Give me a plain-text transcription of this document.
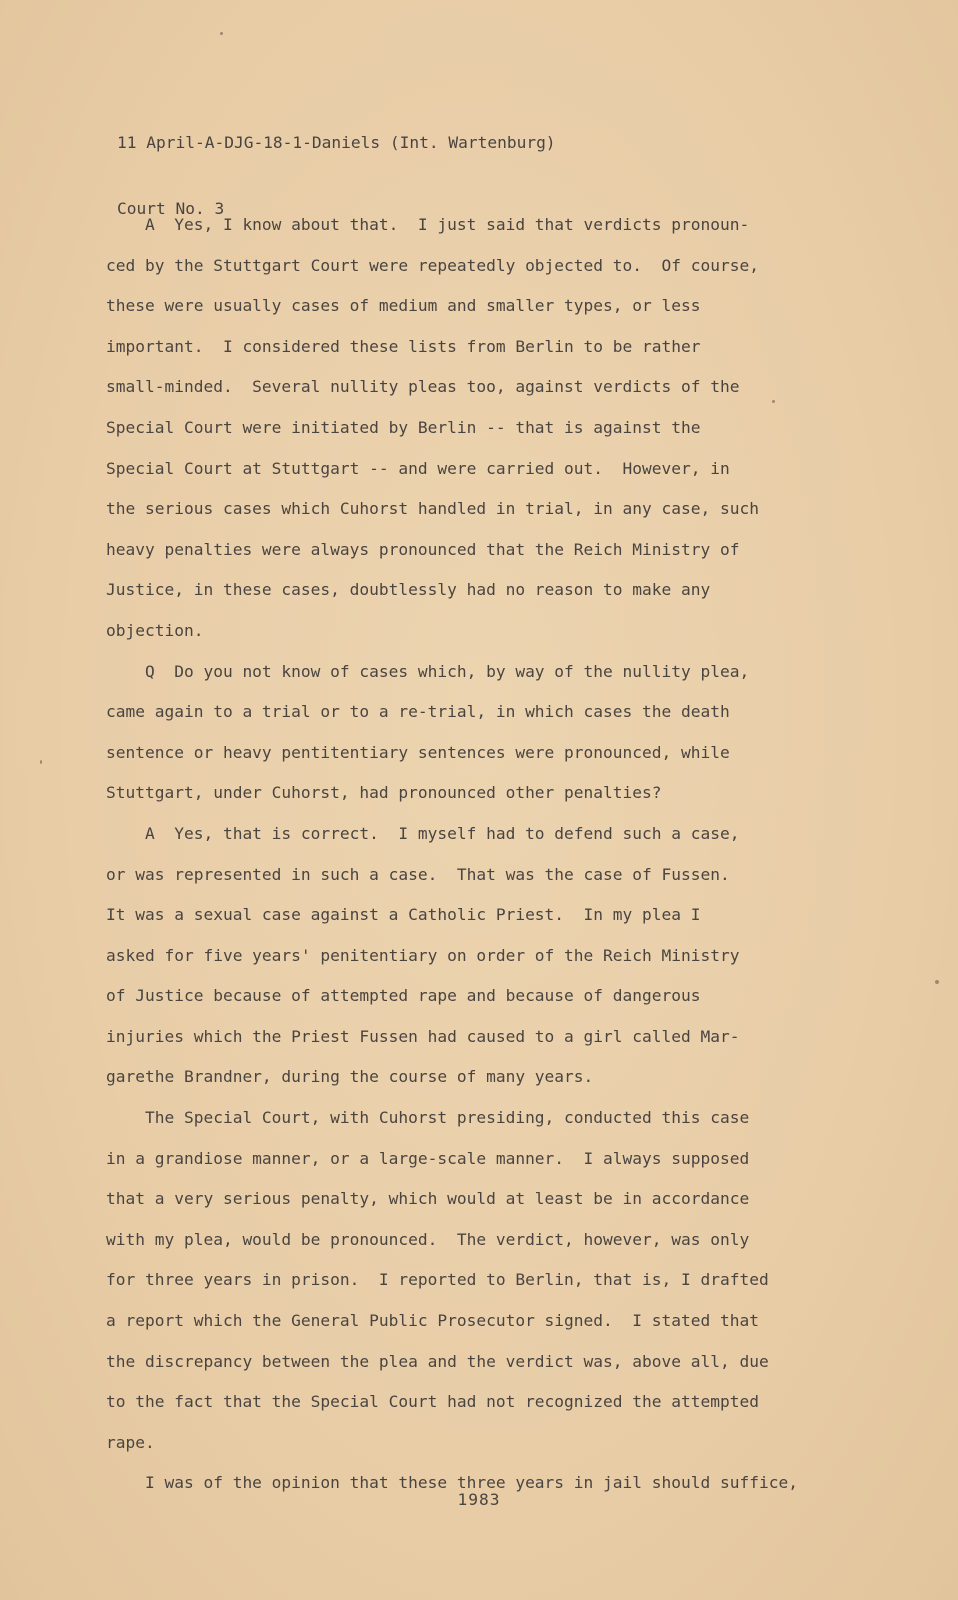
11 April-A-DJG-18-1-Daniels (Int. Wartenburg)

Court No. 3

A  Yes, I know about that.  I just said that verdicts pronoun-
ced by the Stuttgart Court were repeatedly objected to.  Of course,
these were usually cases of medium and smaller types, or less
important.  I considered these lists from Berlin to be rather
small-minded.  Several nullity pleas too, against verdicts of the
Special Court were initiated by Berlin -- that is against the
Special Court at Stuttgart -- and were carried out.  However, in
the serious cases which Cuhorst handled in trial, in any case, such
heavy penalties were always pronounced that the Reich Ministry of
Justice, in these cases, doubtlessly had no reason to make any
objection.
Q  Do you not know of cases which, by way of the nullity plea,
came again to a trial or to a re-trial, in which cases the death
sentence or heavy pentitentiary sentences were pronounced, while
Stuttgart, under Cuhorst, had pronounced other penalties?
A  Yes, that is correct.  I myself had to defend such a case,
or was represented in such a case.  That was the case of Fussen.
It was a sexual case against a Catholic Priest.  In my plea I
asked for five years' penitentiary on order of the Reich Ministry
of Justice because of attempted rape and because of dangerous
injuries which the Priest Fussen had caused to a girl called Mar-
garethe Brandner, during the course of many years.
The Special Court, with Cuhorst presiding, conducted this case
in a grandiose manner, or a large-scale manner.  I always supposed
that a very serious penalty, which would at least be in accordance
with my plea, would be pronounced.  The verdict, however, was only
for three years in prison.  I reported to Berlin, that is, I drafted
a report which the General Public Prosecutor signed.  I stated that
the discrepancy between the plea and the verdict was, above all, due
to the fact that the Special Court had not recognized the attempted
rape.
I was of the opinion that these three years in jail should suffice,
1983
